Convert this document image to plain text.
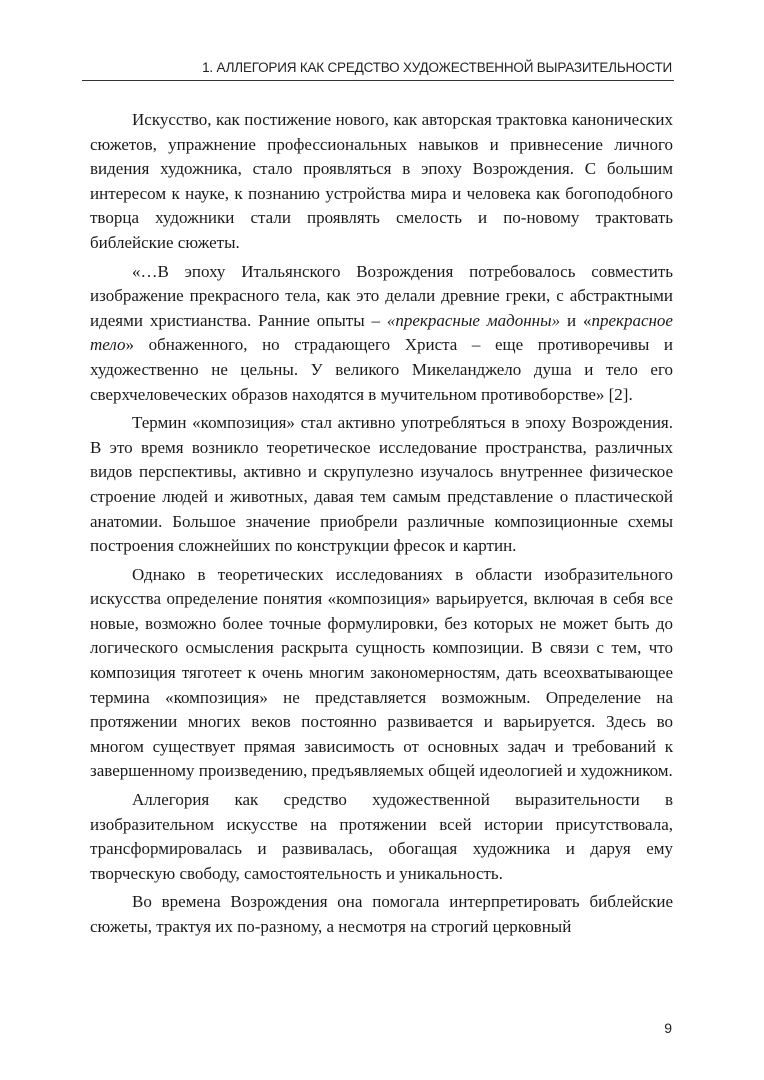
1. АЛЛЕГОРИЯ КАК СРЕДСТВО ХУДОЖЕСТВЕННОЙ ВЫРАЗИТЕЛЬНОСТИ

Искусство, как постижение нового, как авторская трактовка канонических сюжетов, упражнение профессиональных навыков и привнесение личного видения художника, стало проявляться в эпоху Возрождения. С большим интересом к науке, к познанию устройства мира и человека как богоподобного творца художники стали проявлять смелость и по-новому трактовать библейские сюжеты.

«…В эпоху Итальянского Возрождения потребовалось совместить изображение прекрасного тела, как это делали древние греки, с абстрактными идеями христианства. Ранние опыты – «прекрасные мадонны» и «прекрасное тело» обнаженного, но страдающего Христа – еще противоречивы и художественно не цельны. У великого Микеланджело душа и тело его сверхчеловеческих образов находятся в мучительном противоборстве» [2].

Термин «композиция» стал активно употребляться в эпоху Возрождения. В это время возникло теоретическое исследование пространства, различных видов перспективы, активно и скрупулезно изучалось внутреннее физическое строение людей и животных, давая тем самым представление о пластической анатомии. Большое значение приобрели различные композиционные схемы построения сложнейших по конструкции фресок и картин.

Однако в теоретических исследованиях в области изобразительного искусства определение понятия «композиция» варьируется, включая в себя все новые, возможно более точные формулировки, без которых не может быть до логического осмысления раскрыта сущность композиции. В связи с тем, что композиция тяготеет к очень многим закономерностям, дать всеохватывающее термина «композиция» не представляется возможным. Определение на протяжении многих веков постоянно развивается и варьируется. Здесь во многом существует прямая зависимость от основных задач и требований к завершенному произведению, предъявляемых общей идеологией и художником.

Аллегория как средство художественной выразительности в изобразительном искусстве на протяжении всей истории присутствовала, трансформировалась и развивалась, обогащая художника и даруя ему творческую свободу, самостоятельность и уникальность.

Во времена Возрождения она помогала интерпретировать библейские сюжеты, трактуя их по-разному, а несмотря на строгий церковный

9
